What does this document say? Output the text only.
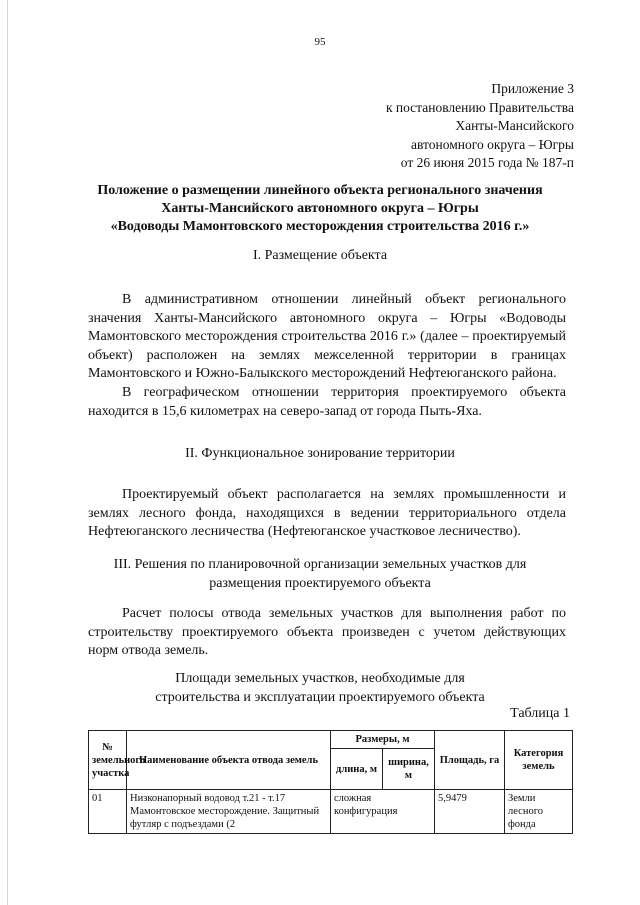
95
Приложение 3
к постановлению Правительства
Ханты-Мансийского
автономного округа – Югры
от 26 июня 2015 года № 187-п
Положение о размещении линейного объекта регионального значения
Ханты-Мансийского автономного округа – Югры
«Водоводы Мамонтовского месторождения строительства 2016 г.»
I. Размещение объекта

В административном отношении линейный объект регионального значения Ханты-Мансийского автономного округа – Югры «Водоводы Мамонтовского месторождения строительства 2016 г.» (далее – проектируемый объект) расположен на землях межселенной территории в границах Мамонтовского и Южно-Балыкского месторождений Нефтеюганского района.

В географическом отношении территория проектируемого объекта находится в 15,6 километрах на северо-запад от города Пыть-Яха.

II. Функциональное зонирование территории

Проектируемый объект располагается на землях промышленности и землях лесного фонда, находящихся в ведении территориального отдела Нефтеюганского лесничества (Нефтеюганское участковое лесничество).

III. Решения по планировочной организации земельных участков для
размещения проектируемого объекта

Расчет полосы отвода земельных участков для выполнения работ по строительству проектируемого объекта произведен с учетом действующих норм отвода земель.

Площади земельных участков, необходимые для
строительства и эксплуатации проектируемого объекта
Таблица 1
№ земельного участка	Наименование объекта отвода земель	Размеры, м		Площадь, га	Категория земель
		длина, м	ширина, м		
01	Низконапорный водовод т.21 - т.17 Мамонтовское месторождение. Защитный футляр с подъездами (2	сложная конфигурация		5,9479	Земли лесного фонда
